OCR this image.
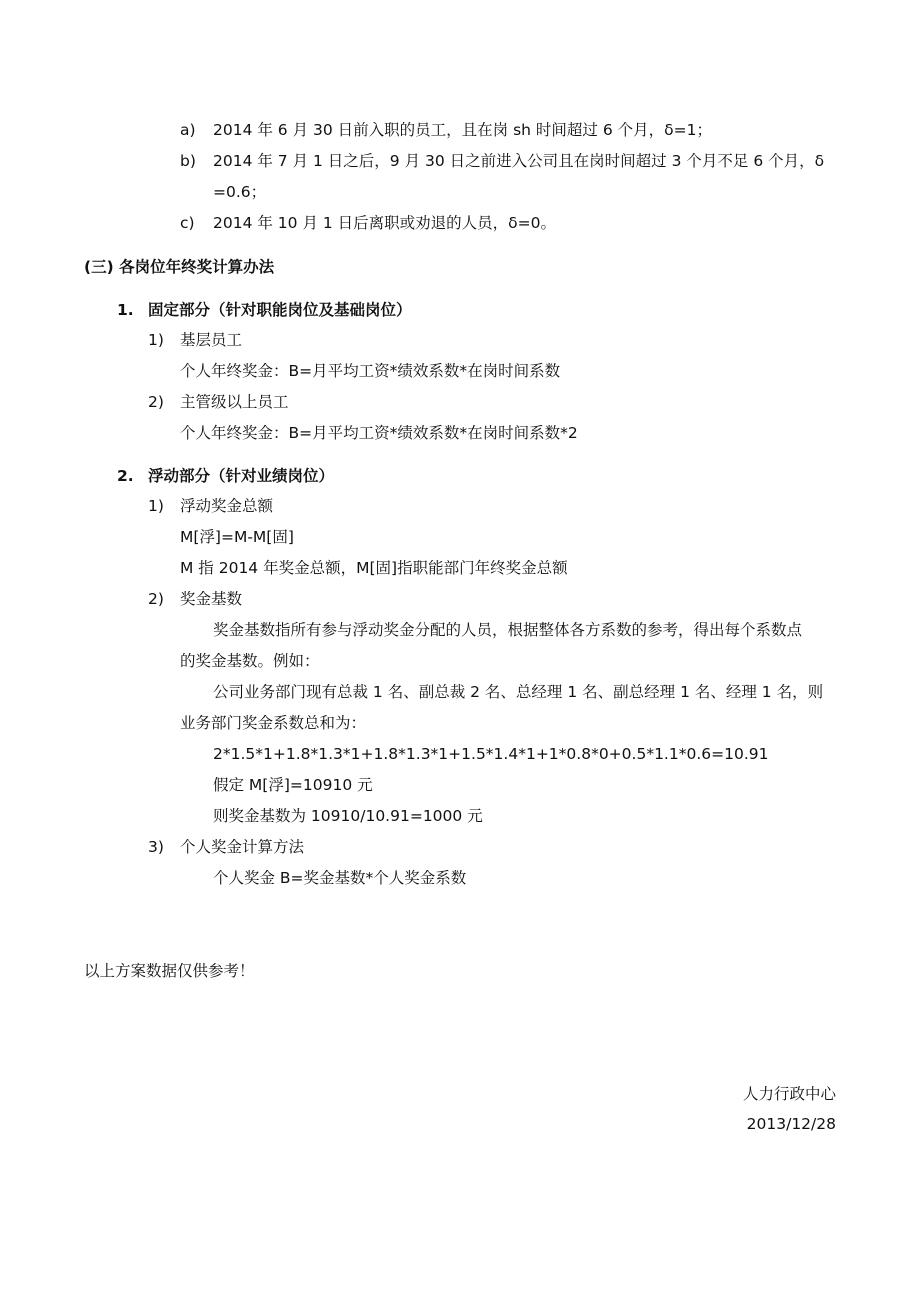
a) 2014 年 6 月 30 日前入职的员工，且在岗 sh 时间超过 6 个月，δ=1；
b) 2014 年 7 月 1 日之后，9 月 30 日之前进入公司且在岗时间超过 3 个月不足 6 个月，δ
=0.6；
c) 2014 年 10 月 1 日后离职或劝退的人员，δ=0。
(三) 各岗位年终奖计算办法
1. 固定部分（针对职能岗位及基础岗位）
1) 基层员工
个人年终奖金：B=月平均工资*绩效系数*在岗时间系数
2) 主管级以上员工
个人年终奖金：B=月平均工资*绩效系数*在岗时间系数*2
2. 浮动部分（针对业绩岗位）
1) 浮动奖金总额
M[浮]=M-M[固]
M 指 2014 年奖金总额，M[固]指职能部门年终奖金总额
2) 奖金基数
奖金基数指所有参与浮动奖金分配的人员，根据整体各方系数的参考，得出每个系数点
的奖金基数。例如：
公司业务部门现有总裁 1 名、副总裁 2 名、总经理 1 名、副总经理 1 名、经理 1 名，则
业务部门奖金系数总和为：
2*1.5*1+1.8*1.3*1+1.8*1.3*1+1.5*1.4*1+1*0.8*0+0.5*1.1*0.6=10.91
假定 M[浮]=10910 元
则奖金基数为 10910/10.91=1000 元
3) 个人奖金计算方法
个人奖金 B=奖金基数*个人奖金系数
以上方案数据仅供参考！
人力行政中心
2013/12/28
